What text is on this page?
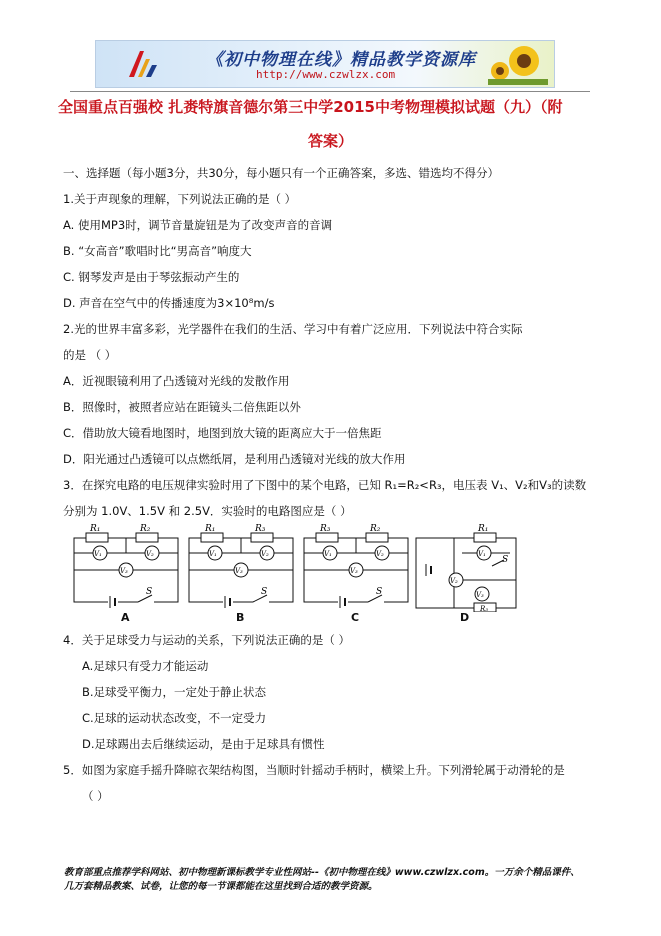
《初中物理在线》精品教学资源库
http://www.czwlzx.com
全国重点百强校 扎赉特旗音德尔第三中学2015中考物理模拟试题（九）（附
答案）
一、选择题（每小题3分，共30分，每小题只有一个正确答案，多选、错选均不得分）
1.关于声现象的理解，下列说法正确的是（ ）
A. 使用MP3时，调节音量旋钮是为了改变声音的音调
B. “女高音”歌唱时比“男高音”响度大
C. 钢琴发声是由于琴弦振动产生的
D. 声音在空气中的传播速度为3×10⁸m/s
2.光的世界丰富多彩，光学器件在我们的生活、学习中有着广泛应用．下列说法中符合实际
的是 （ ）
A．近视眼镜利用了凸透镜对光线的发散作用
B．照像时，被照者应站在距镜头二倍焦距以外
C．借助放大镜看地图时，地图到放大镜的距离应大于一倍焦距
D．阳光通过凸透镜可以点燃纸屑，是利用凸透镜对光线的放大作用
3．在探究电路的电压规律实验时用了下图中的某个电路，已知 R₁=R₂<R₃，电压表 V₁、V₂和V₃的读数
分别为 1.0V、1.5V 和 2.5V．实验时的电路图应是（ ）
R₁	R₂
V₁	V₂
V₃
S
R₁	R₃
V₁	V₂
V₃
S
R₃	R₂
V₁	V₂
V₃
S
R₁
V₁
V₂
V₃
R₃
S
A	B	C	D
4．关于足球受力与运动的关系，下列说法正确的是（ ）
A.足球只有受力才能运动
B.足球受平衡力，一定处于静止状态
C.足球的运动状态改变，不一定受力
D.足球踢出去后继续运动，是由于足球具有惯性
5．如图为家庭手摇升降晾衣架结构图，当顺时针摇动手柄时，横梁上升。下列滑轮属于动滑轮的是
（ ）
教育部重点推荐学科网站、初中物理新课标教学专业性网站--《初中物理在线》www.czwlzx.com。一万余个精品课件、
几万套精品教案、试卷，让您的每一节课都能在这里找到合适的教学资源。
